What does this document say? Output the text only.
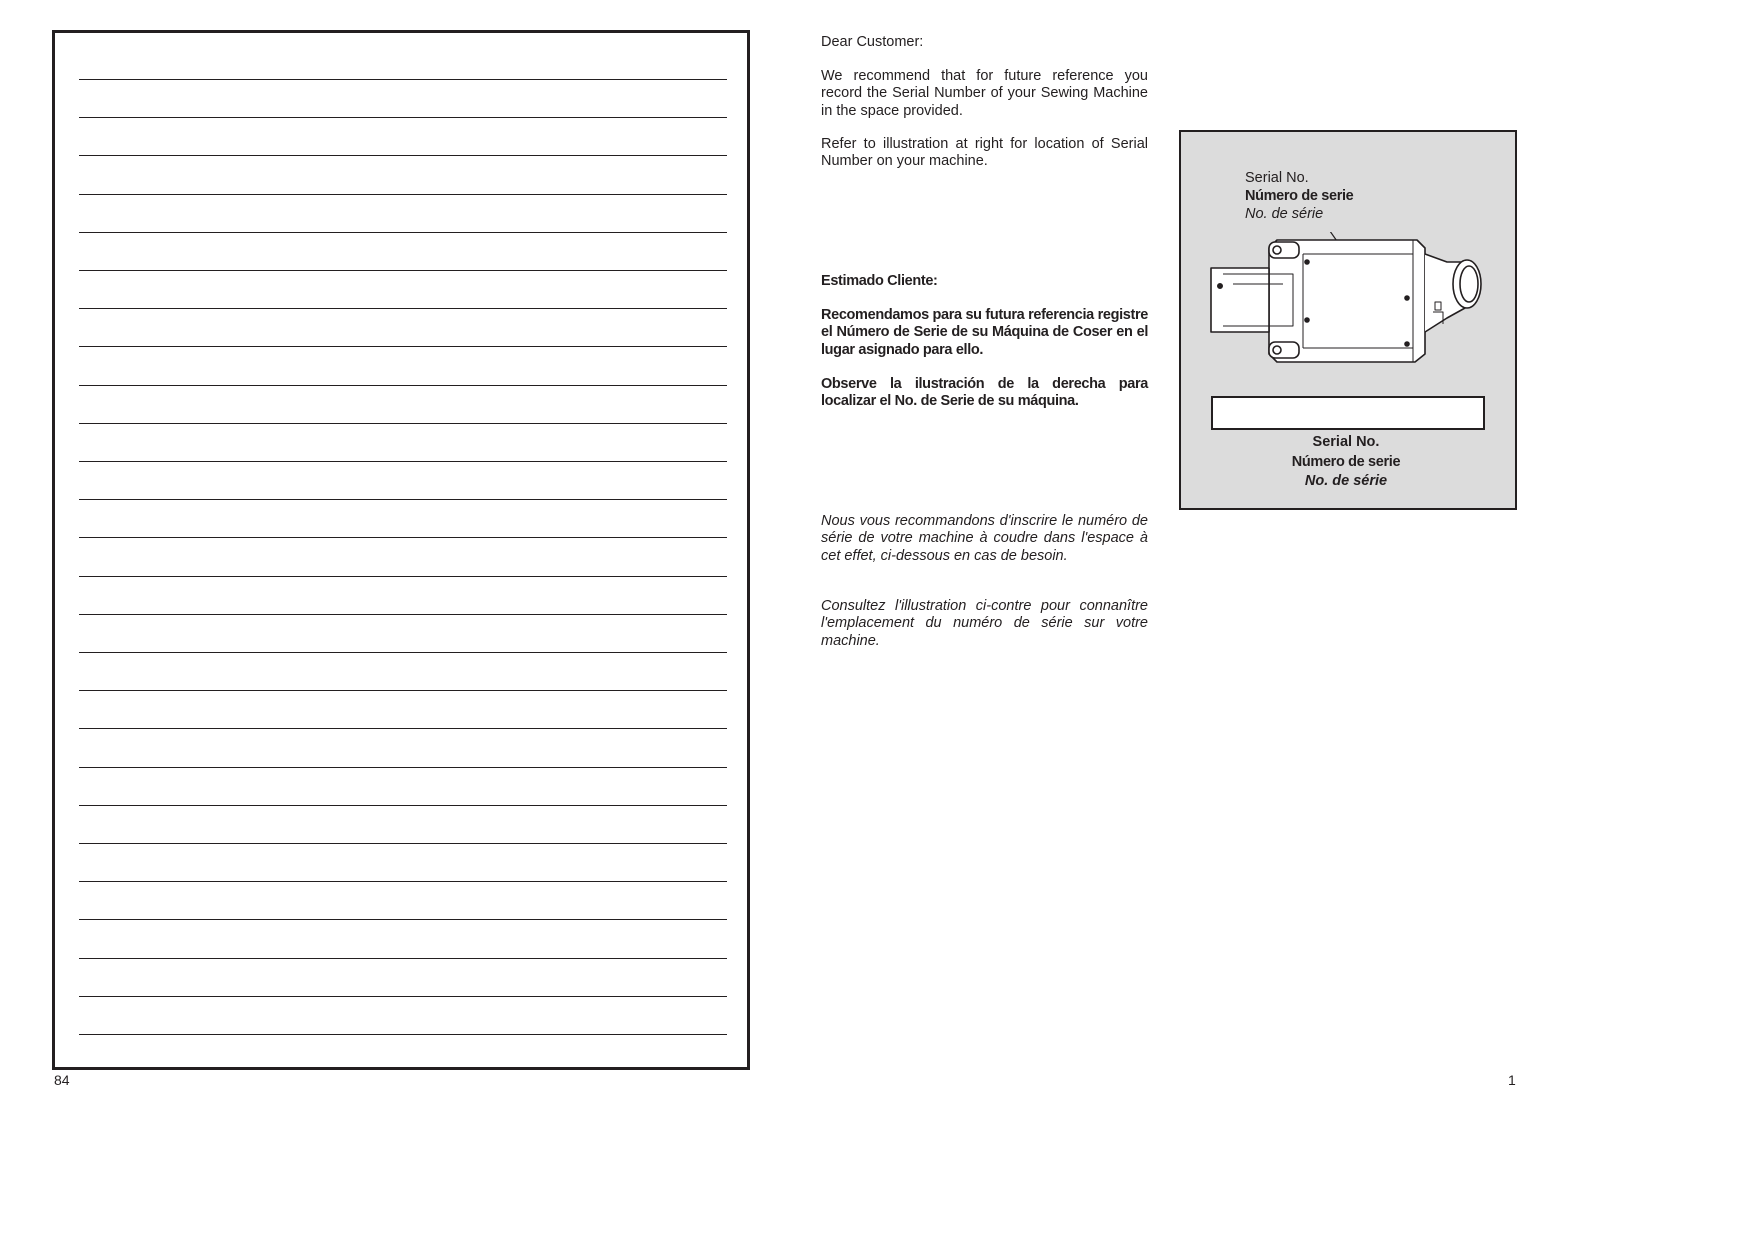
84
Dear Customer:
We recommend that for future reference you record the Serial Number of your Sewing Machine in the space provided.
Refer to illustration at right for location of Serial Number on your machine.
Estimado Cliente:
Recomendamos para su futura referencia registre el Número de Serie de su Máquina de Coser en el lugar asignado para ello.
Observe la ilustración de la derecha para localizar el No. de Serie de su máquina.
Nous vous recommandons d'inscrire le numéro de série de votre machine à coudre dans l'espace à cet effet, ci-dessous en cas de besoin.
Consultez l'illustration ci-contre pour connanître l'emplacement du numéro de série sur votre machine.
Serial No.
Número de serie
No. de série
Serial No.
Número de serie
No. de série
1
